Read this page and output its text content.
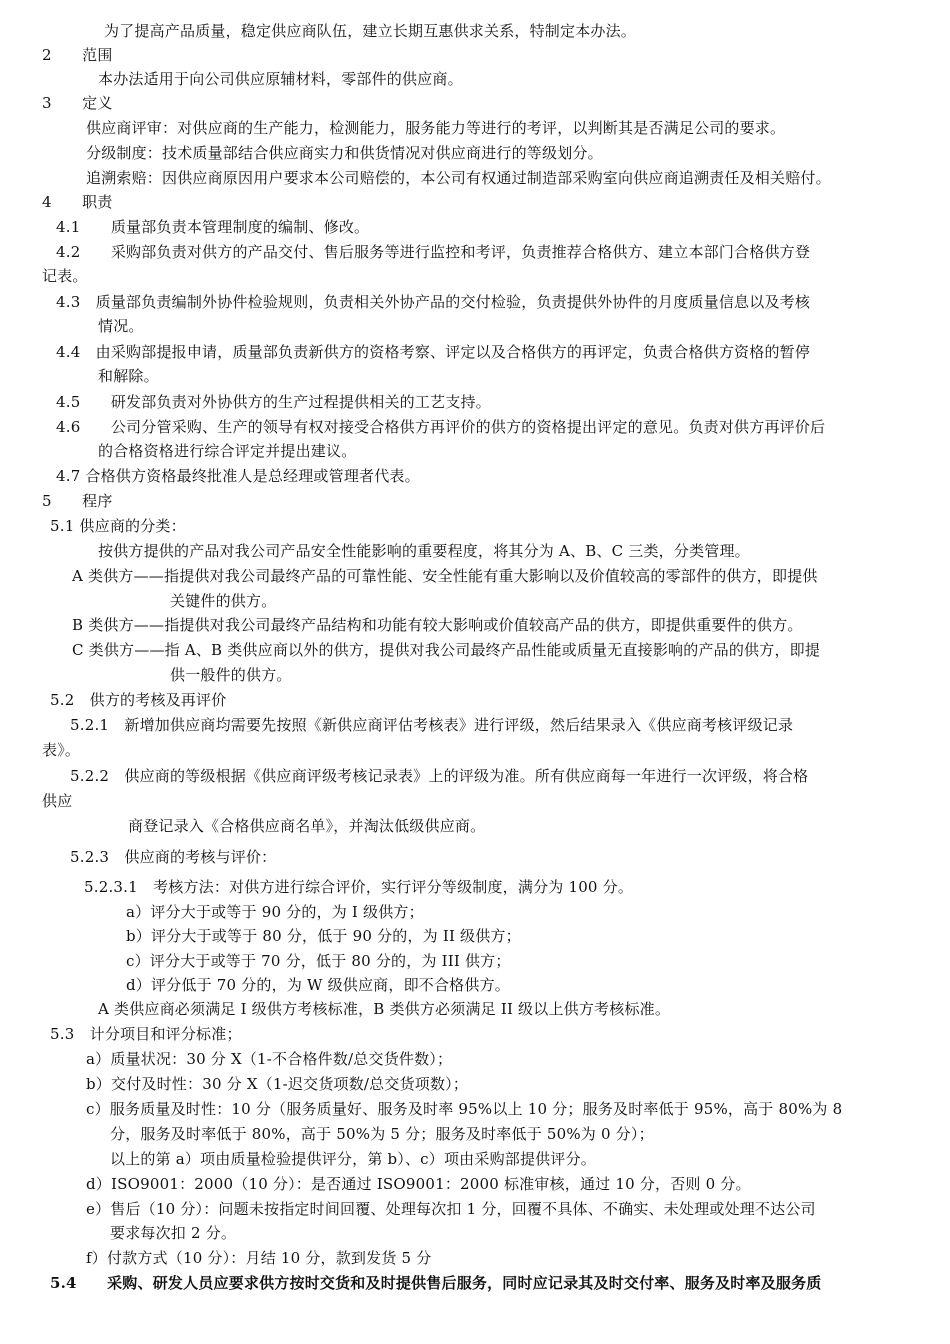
为了提高产品质量，稳定供应商队伍，建立长期互惠供求关系，特制定本办法。
2　　范围
本办法适用于向公司供应原辅材料，零部件的供应商。
3　　定义
供应商评审：对供应商的生产能力，检测能力，服务能力等进行的考评，以判断其是否满足公司的要求。
分级制度：技术质量部结合供应商实力和供货情况对供应商进行的等级划分。
追溯索赔：因供应商原因用户要求本公司赔偿的，本公司有权通过制造部采购室向供应商追溯责任及相关赔付。
4　　职责
4.1　　质量部负责本管理制度的编制、修改。
4.2　　采购部负责对供方的产品交付、售后服务等进行监控和考评，负责推荐合格供方、建立本部门合格供方登
记表。
4.3　质量部负责编制外协件检验规则，负责相关外协产品的交付检验，负责提供外协件的月度质量信息以及考核
情况。
4.4　由采购部提报申请，质量部负责新供方的资格考察、评定以及合格供方的再评定，负责合格供方资格的暂停
和解除。
4.5　　研发部负责对外协供方的生产过程提供相关的工艺支持。
4.6　　公司分管采购、生产的领导有权对接受合格供方再评价的供方的资格提出评定的意见。负责对供方再评价后
的合格资格进行综合评定并提出建议。
4.7 合格供方资格最终批准人是总经理或管理者代表。
5　　程序
5.1 供应商的分类：
按供方提供的产品对我公司产品安全性能影响的重要程度，将其分为 A、B、C 三类，分类管理。
A 类供方——指提供对我公司最终产品的可靠性能、安全性能有重大影响以及价值较高的零部件的供方，即提供
关键件的供方。
B 类供方——指提供对我公司最终产品结构和功能有较大影响或价值较高产品的供方，即提供重要件的供方。
C 类供方——指 A、B 类供应商以外的供方，提供对我公司最终产品性能或质量无直接影响的产品的供方，即提
供一般件的供方。
5.2　供方的考核及再评价
5.2.1　新增加供应商均需要先按照《新供应商评估考核表》进行评级，然后结果录入《供应商考核评级记录
表》。
5.2.2　供应商的等级根据《供应商评级考核记录表》上的评级为准。所有供应商每一年进行一次评级，将合格
供应
商登记录入《合格供应商名单》，并淘汰低级供应商。
5.2.3　供应商的考核与评价：
5.2.3.1　考核方法：对供方进行综合评价，实行评分等级制度，满分为 100 分。
a）评分大于或等于 90 分的，为 I 级供方；
b）评分大于或等于 80 分，低于 90 分的，为 II 级供方；
c）评分大于或等于 70 分，低于 80 分的，为 III 供方；
d）评分低于 70 分的，为 W 级供应商，即不合格供方。
A 类供应商必须满足 I 级供方考核标准，B 类供方必须满足 II 级以上供方考核标准。
5.3　计分项目和评分标准；
a）质量状况：30 分 X（1-不合格件数/总交货件数）；
b）交付及时性：30 分 X（1-迟交货项数/总交货项数）；
c）服务质量及时性：10 分（服务质量好、服务及时率 95%以上 10 分；服务及时率低于 95%，高于 80%为 8
分，服务及时率低于 80%，高于 50%为 5 分；服务及时率低于 50%为 0 分）；
以上的第 a）项由质量检验提供评分，第 b）、c）项由采购部提供评分。
d）ISO9001：2000（10 分）：是否通过 ISO9001：2000 标准审核，通过 10 分，否则 0 分。
e）售后（10 分）：问题未按指定时间回覆、处理每次扣 1 分，回覆不具体、不确实、未处理或处理不达公司
要求每次扣 2 分。
f）付款方式（10 分）：月结 10 分，款到发货 5 分
5.4　　采购、研发人员应要求供方按时交货和及时提供售后服务，同时应记录其及时交付率、服务及时率及服务质
